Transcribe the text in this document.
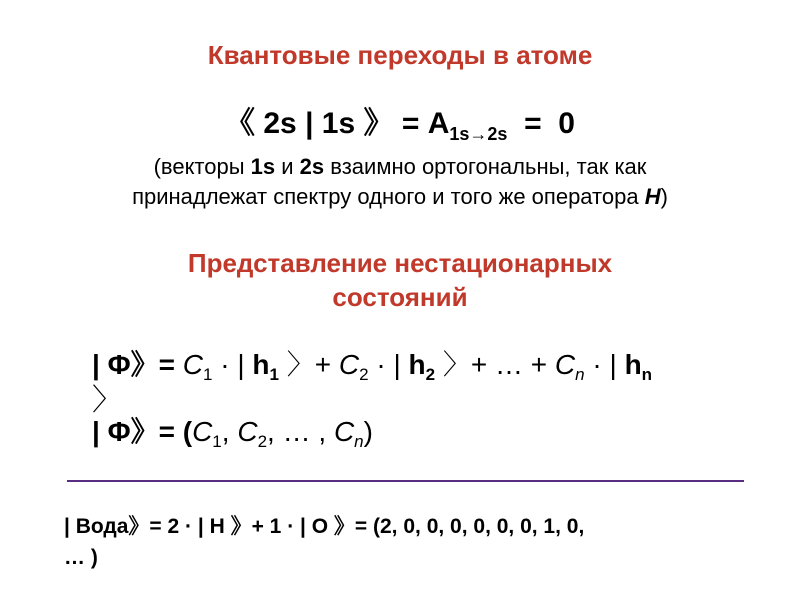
Квантовые переходы в атоме
《 2s | 1s 》 = $A_{1s\to 2s} = 0$
(векторы 1s и 2s взаимно ортогональны, так как
принадлежат спектру одного и того же оператора H)
Представление нестационарных
состояний
| Φ》= $C_1$ · | $h_1$ 〉+ $C_2$ · | $h_2$ 〉+ … + $C_n$ · | $h_n$
〉
| Φ》= ($C_1$, $C_2$, … , $C_n$)
| Вода》= 2 · | H 》+ 1 · | O 》= (2, 0, 0, 0, 0, 0, 0, 1, 0,
… )
